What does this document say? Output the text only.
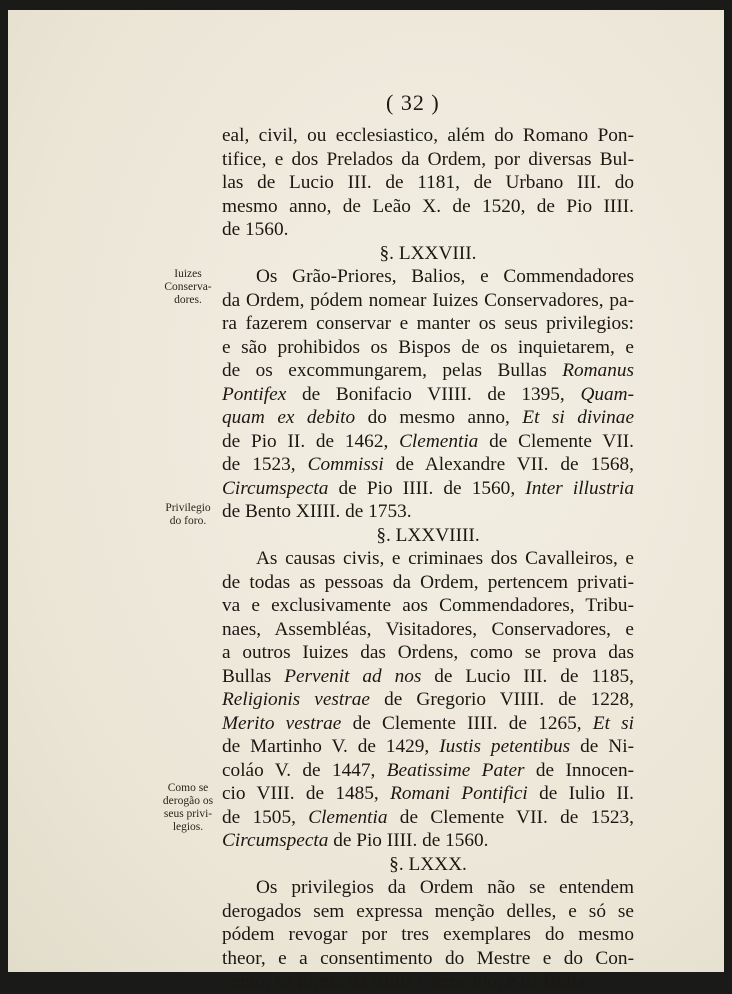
( 32 )
Iuizes
Conserva-
dores.
Privilegio
do foro.
Como se
derogão os
seus privi-
legios.
eal, civil, ou ecclesiastico, além do Romano Pon-
tifice, e dos Prelados da Ordem, por diversas Bul-
las de Lucio III. de 1181, de Urbano III. do
mesmo anno, de Leão X. de 1520, de Pio IIII.
de 1560.
§. LXXVIII.
Os Grão-Priores, Balios, e Commendadores
da Ordem, pódem nomear Iuizes Conservadores, pa-
ra fazerem conservar e manter os seus privilegios:
e são prohibidos os Bispos de os inquietarem, e
de os excommungarem, pelas Bullas Romanus
Pontifex de Bonifacio VIIII. de 1395, Quam-
quam ex debito do mesmo anno, Et si divinae
de Pio II. de 1462, Clementia de Clemente VII.
de 1523, Commissi de Alexandre VII. de 1568,
Circumspecta de Pio IIII. de 1560, Inter illustria
de Bento XIIII. de 1753.
§. LXXVIIII.
As causas civis, e criminaes dos Cavalleiros, e
de todas as pessoas da Ordem, pertencem privati-
va e exclusivamente aos Commendadores, Tribu-
naes, Assembléas, Visitadores, Conservadores, e
a outros Iuizes das Ordens, como se prova das
Bullas Pervenit ad nos de Lucio III. de 1185,
Religionis vestrae de Gregorio VIIII. de 1228,
Merito vestrae de Clemente IIII. de 1265, Et si
de Martinho V. de 1429, Iustis petentibus de Ni-
coláo V. de 1447, Beatissime Pater de Innocen-
cio VIII. de 1485, Romani Pontifici de Iulio II.
de 1505, Clementia de Clemente VII. de 1523,
Circumspecta de Pio IIII. de 1560.
§. LXXX.
Os privilegios da Ordem não se entendem
derogados sem expressa menção delles, e só se
pódem revogar por tres exemplares do mesmo
theor, e a consentimento do Mestre e do Con-
vento, na fórma da Bulla Clementia, e da Bulla
